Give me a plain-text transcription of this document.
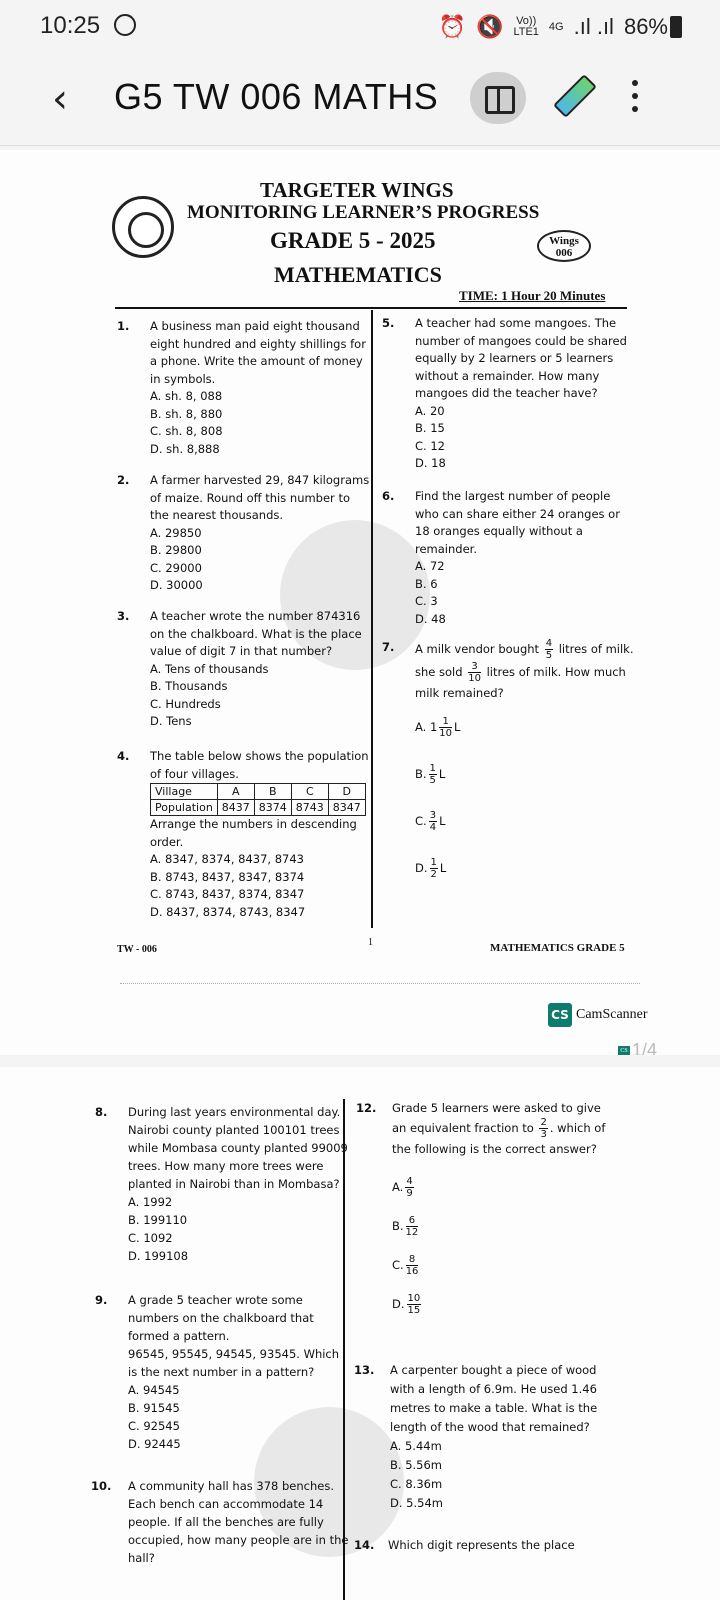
10:25	⏰ 🔇 Vo))
LTE1 4G .ıl .ıl 86%
‹ G5 TW 006 MATHS
TARGETER WINGS
MONITORING LEARNER’S PROGRESS
GRADE 5 - 2025	Wings
006
MATHEMATICS
TIME: 1 Hour 20 Minutes
1. A business man paid eight thousand

eight hundred and eighty shillings for

a phone. Write the amount of money

in symbols.

A. sh. 8, 088

B. sh. 8, 880

C. sh. 8, 808

D. sh. 8,888

2. A farmer harvested 29, 847 kilograms

of maize. Round off this number to

the nearest thousands.

A. 29850

B. 29800

C. 29000

D. 30000

3. A teacher wrote the number 874316

on the chalkboard. What is the place

value of digit 7 in that number?

A. Tens of thousands

B. Thousands

C. Hundreds

D. Tens

4. The table below shows the population

of four villages.

Village	A	B	C	D
Population	8437	8374	8743	8347

Arrange the numbers in descending

order.

A. 8347, 8374, 8437, 8743

B. 8743, 8437, 8347, 8374

C. 8743, 8437, 8374, 8347

D. 8437, 8374, 8743, 8347

5. A teacher had some mangoes. The

number of mangoes could be shared

equally by 2 learners or 5 learners

without a remainder. How many

mangoes did the teacher have?

A. 20

B. 15

C. 12

D. 18

6. Find the largest number of people

who can share either 24 oranges or

18 oranges equally without a

remainder.

A. 72

B. 6

C. 3

D. 48

7. A milk vendor bought $\frac{4}{5}$ litres of milk.

she sold $\frac{3}{10}$ litres of milk. How much

milk remained?

A. $1 \frac{1}{10}$ L

B. $\frac{1}{5}$ L

C. $\frac{3}{4}$ L

D. $\frac{1}{2}$ L

TW - 006
1	MATHEMATICS GRADE 5
CS CamScanner
CS 1/4
8. During last years environmental day.

Nairobi county planted 100101 trees

while Mombasa county planted 99009

trees. How many more trees were

planted in Nairobi than in Mombasa?

A. 1992

B. 199110

C. 1092

D. 199108

9. A grade 5 teacher wrote some

numbers on the chalkboard that

formed a pattern.

96545, 95545, 94545, 93545. Which

is the next number in a pattern?

A. 94545

B. 91545

C. 92545

D. 92445

10. A community hall has 378 benches.

Each bench can accommodate 14

people. If all the benches are fully

occupied, how many people are in the

hall?

12. Grade 5 learners were asked to give

an equivalent fraction to $\frac{2}{3}$ . which of

the following is the correct answer?

A. $\frac{4}{9}$

B. $\frac{6}{12}$

C. $\frac{8}{16}$

D. $\frac{10}{15}$

13. A carpenter bought a piece of wood

with a length of 6.9m. He used 1.46

metres to make a table. What is the

length of the wood that remained?

A. 5.44m

B. 5.56m

C. 8.36m

D. 5.54m

14. Which digit represents the place
